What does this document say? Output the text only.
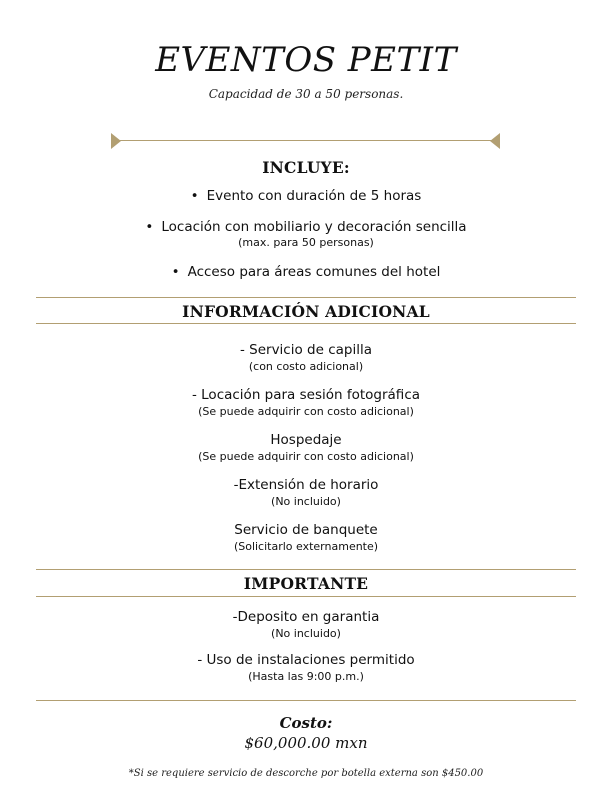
EVENTOS PETIT
Capacidad de 30 a 50 personas.
INCLUYE:
• Evento con duración de 5 horas
• Locación con mobiliario y decoración sencilla
(max. para 50 personas)
• Acceso para áreas comunes del hotel
INFORMACIÓN ADICIONAL
- Servicio de capilla
(con costo adicional)
- Locación para sesión fotográfica
(Se puede adquirir con costo adicional)
Hospedaje
(Se puede adquirir con costo adicional)
-Extensión de horario
(No incluido)
Servicio de banquete
(Solicitarlo externamente)
IMPORTANTE
-Deposito en garantia
(No incluido)
- Uso de instalaciones permitido
(Hasta las 9:00 p.m.)
Costo:
$60,000.00 mxn
*Si se requiere servicio de descorche por botella externa son $450.00
